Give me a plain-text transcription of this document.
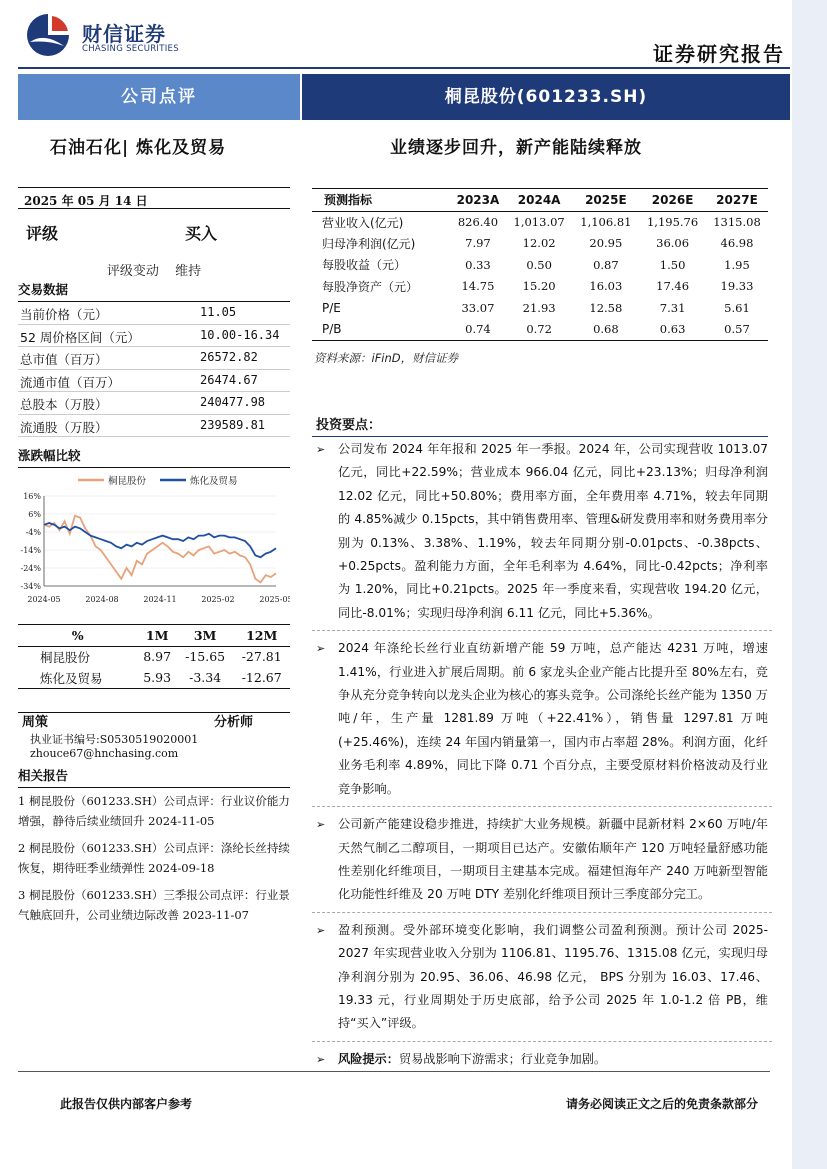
财信证券
CHASING SECURITIES	证券研究报告
公司点评	桐昆股份(601233.SH)
石油石化| 炼化及贸易	业绩逐步回升，新产能陆续释放
2025 年 05 月 14 日
评级	买入
评级变动 维持
交易数据
当前价格（元）	11.05
52 周价格区间（元）	10.00-16.34
总市值（百万）	26572.82
流通市值（百万）	26474.67
总股本（万股）	240477.98
流通股（万股）	239589.81
涨跌幅比较
桐昆股份	炼化及贸易
16%
6%
-4%
-14%
-24%
-34%
2024-05	2024-08	2024-11	2025-02	2025-05
%	1M	3M	12M
桐昆股份	8.97	-15.65	-27.81
炼化及贸易	5.93	-3.34	-12.67
周策	分析师
执业证书编号:S0530519020001
zhouce67@hnchasing.com
相关报告
1 桐昆股份（601233.SH）公司点评：行业议价能力增强，静待后续业绩回升 2024-11-05
2 桐昆股份（601233.SH）公司点评：涤纶长丝持续恢复，期待旺季业绩弹性 2024-09-18
3 桐昆股份（601233.SH）三季报公司点评：行业景气触底回升，公司业绩边际改善 2023-11-07
预测指标	2023A	2024A	2025E	2026E	2027E
营业收入(亿元)	826.40	1,013.07	1,106.81	1,195.76	1315.08
归母净利润(亿元)	7.97	12.02	20.95	36.06	46.98
每股收益（元）	0.33	0.50	0.87	1.50	1.95
每股净资产（元）	14.75	15.20	16.03	17.46	19.33
P/E	33.07	21.93	12.58	7.31	5.61
P/B	0.74	0.72	0.68	0.63	0.57
资料来源：iFinD，财信证券
投资要点：
➢ 公司发布 2024 年年报和 2025 年一季报。2024 年，公司实现营收 1013.07 亿元，同比+22.59%；营业成本 966.04 亿元，同比+23.13%；归母净利润 12.02 亿元，同比+50.80%；费用率方面，全年费用率 4.71%，较去年同期的 4.85%减少 0.15pcts，其中销售费用率、管理&研发费用率和财务费用率分别为 0.13%、3.38%、1.19%，较去年同期分别-0.01pcts、-0.38pcts、+0.25pcts。盈利能力方面，全年毛利率为 4.64%，同比-0.42pcts；净利率为 1.20%，同比+0.21pcts。2025 年一季度来看，实现营收 194.20 亿元，同比-8.01%；实现归母净利润 6.11 亿元，同比+5.36%。
➢ 2024 年涤纶长丝行业直纺新增产能 59 万吨，总产能达 4231 万吨，增速 1.41%，行业进入扩展后周期。前 6 家龙头企业产能占比提升至 80%左右，竞争从充分竞争转向以龙头企业为核心的寡头竞争。公司涤纶长丝产能为 1350 万吨/年，生产量 1281.89 万吨（+22.41%），销售量 1297.81 万吨(+25.46%)，连续 24 年国内销量第一，国内市占率超 28%。利润方面，化纤业务毛利率 4.89%，同比下降 0.71 个百分点，主要受原材料价格波动及行业竞争影响。
➢ 公司新产能建设稳步推进，持续扩大业务规模。新疆中昆新材料 2×60 万吨/年天然气制乙二醇项目，一期项目已达产。安徽佑顺年产 120 万吨轻量舒感功能性差别化纤维项目，一期项目主建基本完成。福建恒海年产 240 万吨新型智能化功能性纤维及 20 万吨 DTY 差别化纤维项目预计三季度部分完工。
➢ 盈利预测。受外部环境变化影响，我们调整公司盈利预测。预计公司 2025-2027 年实现营业收入分别为 1106.81、1195.76、1315.08 亿元，实现归母净利润分别为 20.95、36.06、46.98 亿元， BPS 分别为 16.03、17.46、19.33 元，行业周期处于历史底部，给予公司 2025 年 1.0-1.2 倍 PB，维持“买入”评级。
➢ 风险提示：贸易战影响下游需求；行业竞争加剧。
此报告仅供内部客户参考	请务必阅读正文之后的免责条款部分
